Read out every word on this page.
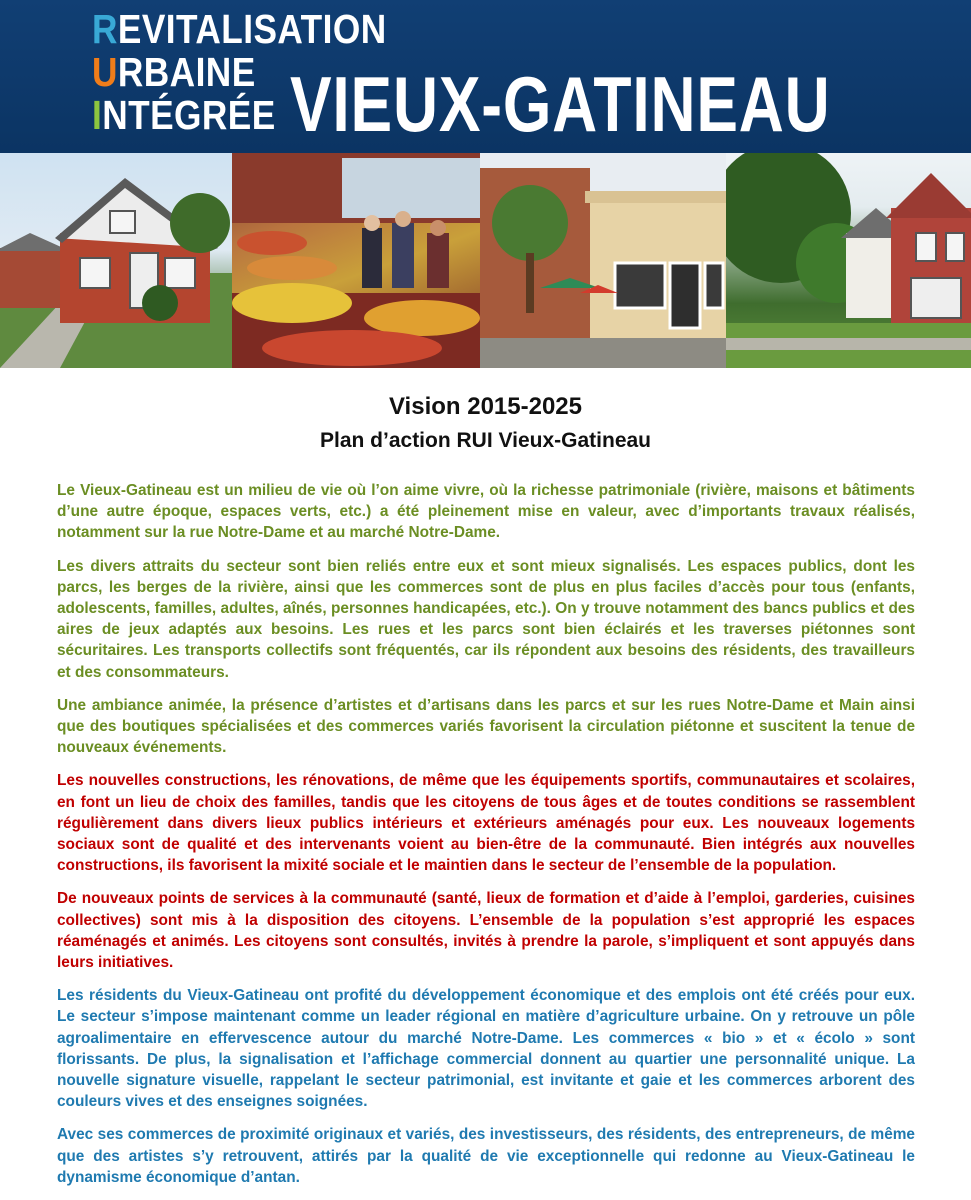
REVITALISATION
URBAINE
INTÉGRÉE VIEUX-GATINEAU
Vision 2015-2025
Plan d’action RUI Vieux-Gatineau

Le Vieux-Gatineau est un milieu de vie où l’on aime vivre, où la richesse patrimoniale (rivière, maisons et bâtiments d’une autre époque, espaces verts, etc.) a été pleinement mise en valeur, avec d’importants travaux réalisés, notamment sur la rue Notre-Dame et au marché Notre-Dame.

Les divers attraits du secteur sont bien reliés entre eux et sont mieux signalisés. Les espaces publics, dont les parcs, les berges de la rivière, ainsi que les commerces sont de plus en plus faciles d’accès pour tous (enfants, adolescents, familles, adultes, aînés, personnes handicapées, etc.). On y trouve notamment des bancs publics et des aires de jeux adaptés aux besoins. Les rues et les parcs sont bien éclairés et les traverses piétonnes sont sécuritaires. Les transports collectifs sont fréquentés, car ils répondent aux besoins des résidents, des travailleurs et des consommateurs.

Une ambiance animée, la présence d’artistes et d’artisans dans les parcs et sur les rues Notre-Dame et Main ainsi que des boutiques spécialisées et des commerces variés favorisent la circulation piétonne et suscitent la tenue de nouveaux événements.

Les nouvelles constructions, les rénovations, de même que les équipements sportifs, communautaires et scolaires, en font un lieu de choix des familles, tandis que les citoyens de tous âges et de toutes conditions se rassemblent régulièrement dans divers lieux publics intérieurs et extérieurs aménagés pour eux. Les nouveaux logements sociaux sont de qualité et des intervenants voient au bien-être de la communauté. Bien intégrés aux nouvelles constructions, ils favorisent la mixité sociale et le maintien dans le secteur de l’ensemble de la population.

De nouveaux points de services à la communauté (santé, lieux de formation et d’aide à l’emploi, garderies, cuisines collectives) sont mis à la disposition des citoyens. L’ensemble de la population s’est approprié les espaces réaménagés et animés. Les citoyens sont consultés, invités à prendre la parole, s’impliquent et sont appuyés dans leurs initiatives.

Les résidents du Vieux-Gatineau ont profité du développement économique et des emplois ont été créés pour eux. Le secteur s’impose maintenant comme un leader régional en matière d’agriculture urbaine. On y retrouve un pôle agroalimentaire en effervescence autour du marché Notre-Dame. Les commerces « bio » et « écolo » sont florissants. De plus, la signalisation et l’affichage commercial donnent au quartier une personnalité unique. La nouvelle signature visuelle, rappelant le secteur patrimonial, est invitante et gaie et les commerces arborent des couleurs vives et des enseignes soignées.

Avec ses commerces de proximité originaux et variés, des investisseurs, des résidents, des entrepreneurs, de même que des artistes s’y retrouvent, attirés par la qualité de vie exceptionnelle qui redonne au Vieux-Gatineau le dynamisme économique d’antan.
